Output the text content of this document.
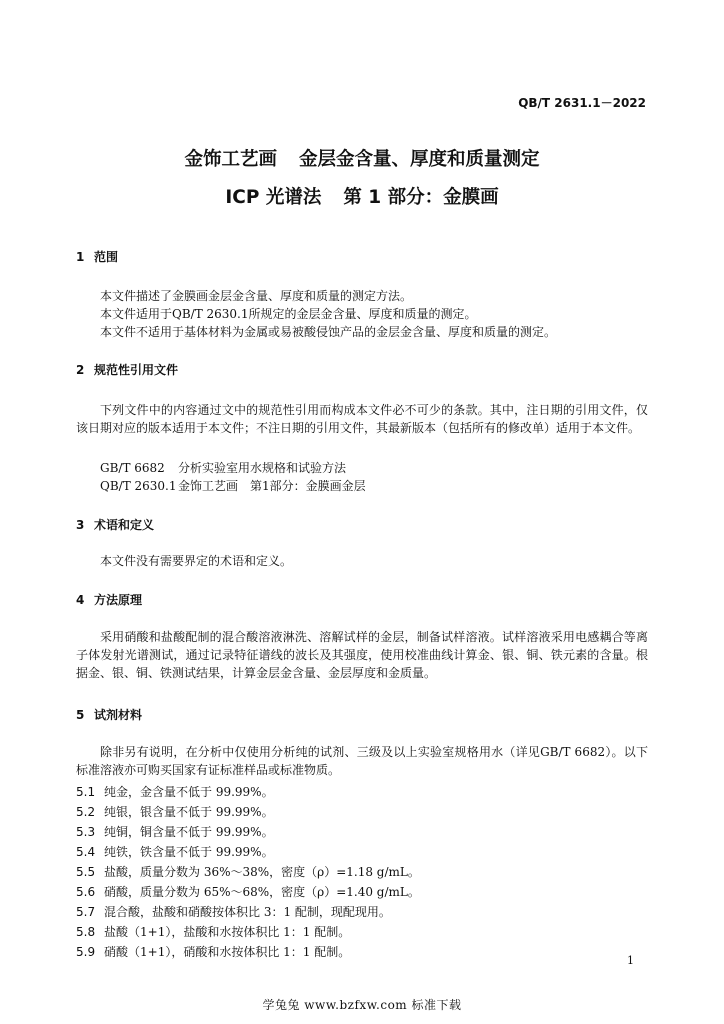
QB/T 2631.1－2022
金饰工艺画 金层金含量、厚度和质量测定
ICP 光谱法 第 1 部分：金膜画
1 范围
本文件描述了金膜画金层金含量、厚度和质量的测定方法。
本文件适用于QB/T 2630.1所规定的金层金含量、厚度和质量的测定。
本文件不适用于基体材料为金属或易被酸侵蚀产品的金层金含量、厚度和质量的测定。
2 规范性引用文件
下列文件中的内容通过文中的规范性引用而构成本文件必不可少的条款。其中，注日期的引用文件，仅该日期对应的版本适用于本文件；不注日期的引用文件，其最新版本（包括所有的修改单）适用于本文件。
GB/T 6682 分析实验室用水规格和试验方法
QB/T 2630.1金饰工艺画　第1部分：金膜画金层
3 术语和定义
本文件没有需要界定的术语和定义。
4 方法原理
采用硝酸和盐酸配制的混合酸溶液淋洗、溶解试样的金层，制备试样溶液。试样溶液采用电感耦合等离子体发射光谱测试，通过记录特征谱线的波长及其强度，使用校准曲线计算金、银、铜、铁元素的含量。根据金、银、铜、铁测试结果，计算金层金含量、金层厚度和金质量。
5 试剂材料
除非另有说明，在分析中仅使用分析纯的试剂、三级及以上实验室规格用水（详见GB/T 6682）。以下标准溶液亦可购买国家有证标准样品或标准物质。
5.1 纯金，金含量不低于 99.99%。
5.2 纯银，银含量不低于 99.99%。
5.3 纯铜，铜含量不低于 99.99%。
5.4 纯铁，铁含量不低于 99.99%。
5.5 盐酸，质量分数为 36%～38%，密度（ρ）=1.18 g/mL。
5.6 硝酸，质量分数为 65%～68%，密度（ρ）=1.40 g/mL。
5.7 混合酸，盐酸和硝酸按体积比 3：1 配制，现配现用。
5.8 盐酸（1+1），盐酸和水按体积比 1：1 配制。
5.9 硝酸（1+1），硝酸和水按体积比 1：1 配制。
1
学兔兔 www.bzfxw.com 标准下载
